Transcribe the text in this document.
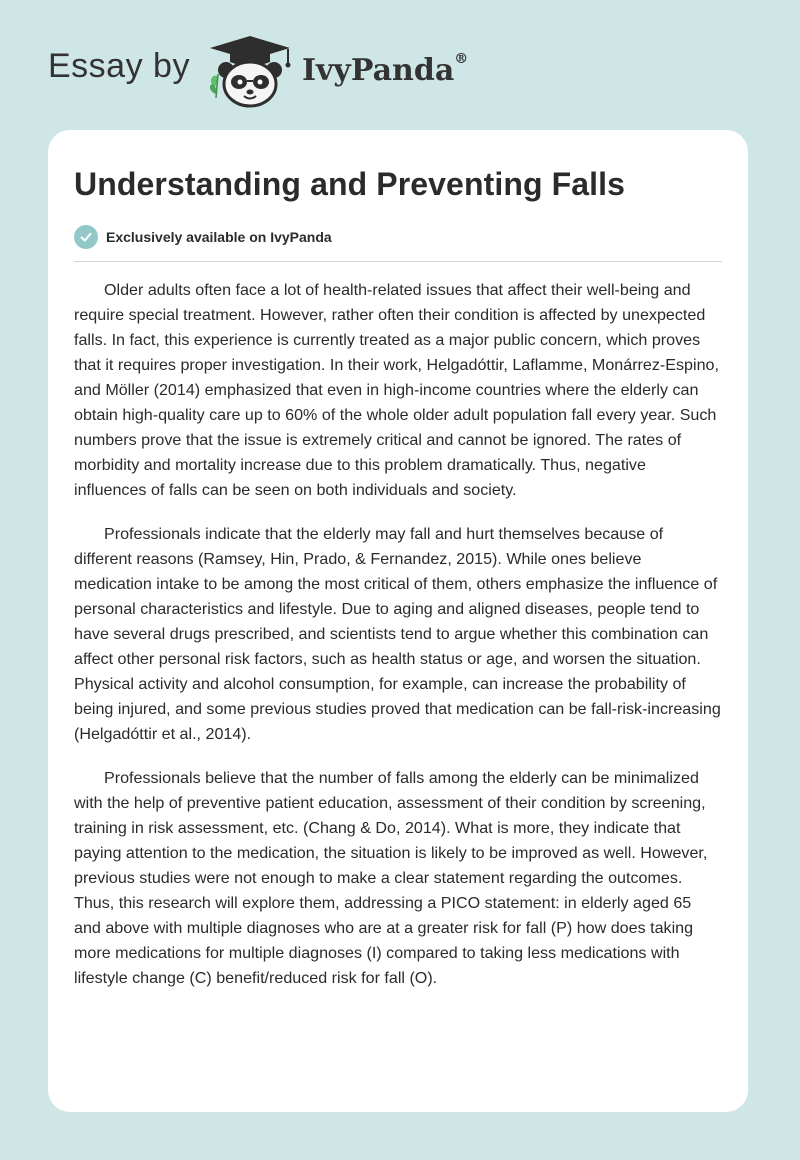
Essay by	IvyPanda®
Understanding and Preventing Falls
Exclusively available on IvyPanda

Older adults often face a lot of health-related issues that affect their well-being and require special treatment. However, rather often their condition is affected by unexpected falls. In fact, this experience is currently treated as a major public concern, which proves that it requires proper investigation. In their work, Helgadóttir, Laflamme, Monárrez-Espino, and Möller (2014) emphasized that even in high-income countries where the elderly can obtain high-quality care up to 60% of the whole older adult population fall every year. Such numbers prove that the issue is extremely critical and cannot be ignored. The rates of morbidity and mortality increase due to this problem dramatically. Thus, negative influences of falls can be seen on both individuals and society.

Professionals indicate that the elderly may fall and hurt themselves because of different reasons (Ramsey, Hin, Prado, & Fernandez, 2015). While ones believe medication intake to be among the most critical of them, others emphasize the influence of personal characteristics and lifestyle. Due to aging and aligned diseases, people tend to have several drugs prescribed, and scientists tend to argue whether this combination can affect other personal risk factors, such as health status or age, and worsen the situation. Physical activity and alcohol consumption, for example, can increase the probability of being injured, and some previous studies proved that medication can be fall-risk-increasing (Helgadóttir et al., 2014).

Professionals believe that the number of falls among the elderly can be minimalized with the help of preventive patient education, assessment of their condition by screening, training in risk assessment, etc. (Chang & Do, 2014). What is more, they indicate that paying attention to the medication, the situation is likely to be improved as well. However, previous studies were not enough to make a clear statement regarding the outcomes. Thus, this research will explore them, addressing a PICO statement: in elderly aged 65 and above with multiple diagnoses who are at a greater risk for fall (P) how does taking more medications for multiple diagnoses (I) compared to taking less medications with lifestyle change (C) benefit/reduced risk for fall (O).
